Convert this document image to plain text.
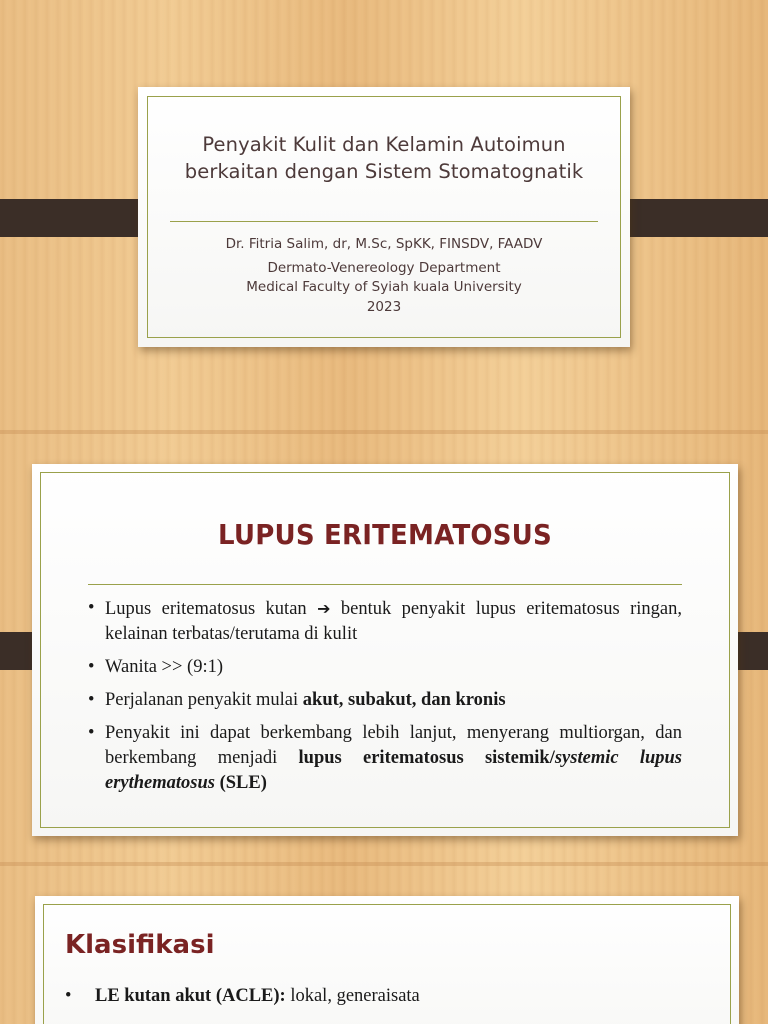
Penyakit Kulit dan Kelamin Autoimun
berkaitan dengan Sistem Stomatognatik
Dr. Fitria Salim, dr, M.Sc, SpKK, FINSDV, FAADV
Dermato-Venereology Department
Medical Faculty of Syiah kuala University
2023
LUPUS ERITEMATOSUS
• Lupus eritematosus kutan ➔ bentuk penyakit lupus eritematosus ringan, kelainan terbatas/terutama di kulit
• Wanita >> (9:1)
• Perjalanan penyakit mulai akut, subakut, dan kronis
• Penyakit ini dapat berkembang lebih lanjut, menyerang multiorgan, dan berkembang menjadi lupus eritematosus sistemik/systemic lupus erythematosus (SLE)
Klasifikasi
• LE kutan akut (ACLE): lokal, generaisata
